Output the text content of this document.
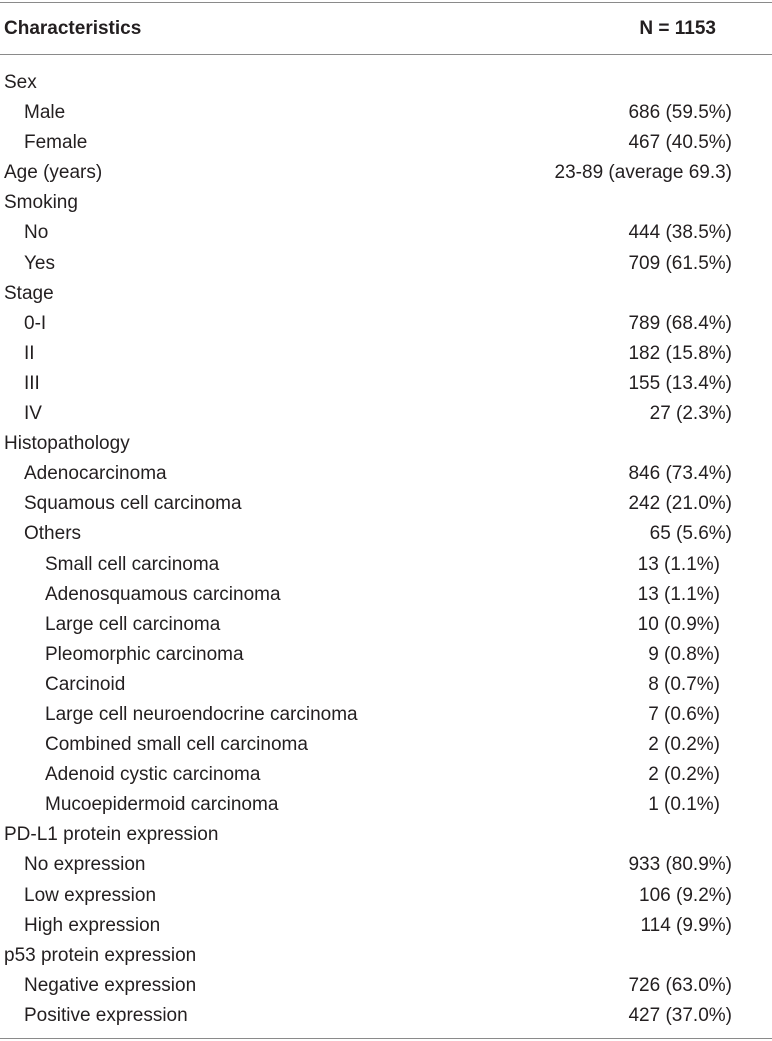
Characteristics	N = 1153
Sex
Male	686 (59.5%)
Female	467 (40.5%)
Age (years)	23-89 (average 69.3)
Smoking
No	444 (38.5%)
Yes	709 (61.5%)
Stage
0-I	789 (68.4%)
II	182 (15.8%)
III	155 (13.4%)
IV	27 (2.3%)
Histopathology
Adenocarcinoma	846 (73.4%)
Squamous cell carcinoma	242 (21.0%)
Others	65 (5.6%)
Small cell carcinoma	13 (1.1%)
Adenosquamous carcinoma	13 (1.1%)
Large cell carcinoma	10 (0.9%)
Pleomorphic carcinoma	9 (0.8%)
Carcinoid	8 (0.7%)
Large cell neuroendocrine carcinoma	7 (0.6%)
Combined small cell carcinoma	2 (0.2%)
Adenoid cystic carcinoma	2 (0.2%)
Mucoepidermoid carcinoma	1 (0.1%)
PD-L1 protein expression
No expression	933 (80.9%)
Low expression	106 (9.2%)
High expression	114 (9.9%)
p53 protein expression
Negative expression	726 (63.0%)
Positive expression	427 (37.0%)
